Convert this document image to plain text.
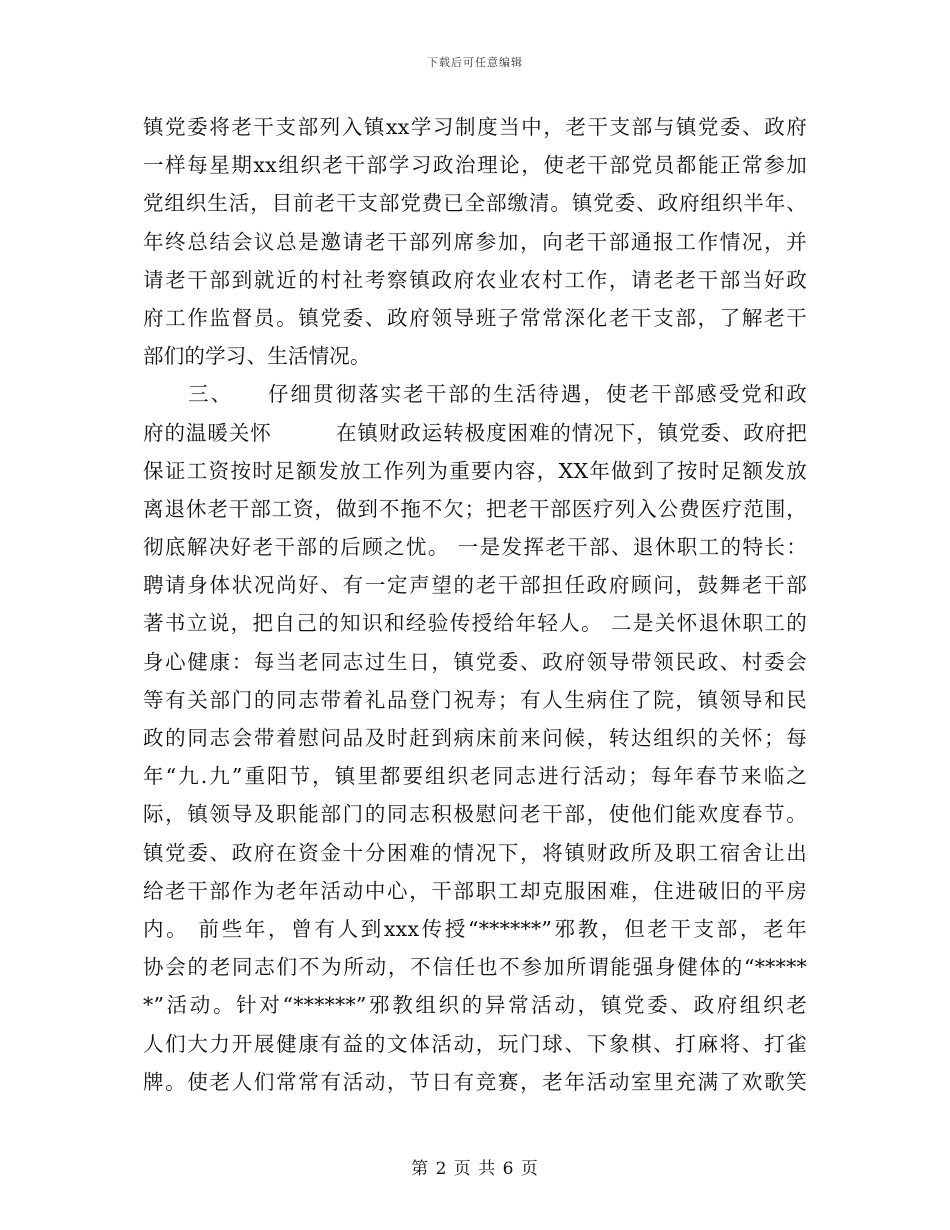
下载后可任意编辑
镇党委将老干支部列入镇xx学习制度当中，老干支部与镇党委、政府
一样每星期xx组织老干部学习政治理论，使老干部党员都能正常参加
党组织生活，目前老干支部党费已全部缴清。镇党委、政府组织半年、
年终总结会议总是邀请老干部列席参加，向老干部通报工作情况，并
请老干部到就近的村社考察镇政府农业农村工作，请老老干部当好政
府工作监督员。镇党委、政府领导班子常常深化老干支部，了解老干
部们的学习、生活情况。
　　三、　　仔细贯彻落实老干部的生活待遇，使老干部感受党和政
府的温暖关怀　　　在镇财政运转极度困难的情况下，镇党委、政府把
保证工资按时足额发放工作列为重要内容，XX年做到了按时足额发放
离退休老干部工资，做到不拖不欠；把老干部医疗列入公费医疗范围，
彻底解决好老干部的后顾之忧。 一是发挥老干部、退休职工的特长：
聘请身体状况尚好、有一定声望的老干部担任政府顾问，鼓舞老干部
著书立说，把自己的知识和经验传授给年轻人。 二是关怀退休职工的
身心健康：每当老同志过生日，镇党委、政府领导带领民政、村委会
等有关部门的同志带着礼品登门祝寿；有人生病住了院，镇领导和民
政的同志会带着慰问品及时赶到病床前来问候，转达组织的关怀；每
年“九.九”重阳节，镇里都要组织老同志进行活动；每年春节来临之
际，镇领导及职能部门的同志积极慰问老干部，使他们能欢度春节。
镇党委、政府在资金十分困难的情况下，将镇财政所及职工宿舍让出
给老干部作为老年活动中心，干部职工却克服困难，住进破旧的平房
内。 前些年，曾有人到xxx传授“******”邪教，但老干支部，老年
协会的老同志们不为所动，不信任也不参加所谓能强身健体的“*****
*”活动。针对“******”邪教组织的异常活动，镇党委、政府组织老
人们大力开展健康有益的文体活动，玩门球、下象棋、打麻将、打雀
牌。使老人们常常有活动，节日有竞赛，老年活动室里充满了欢歌笑
第 2 页 共 6 页
